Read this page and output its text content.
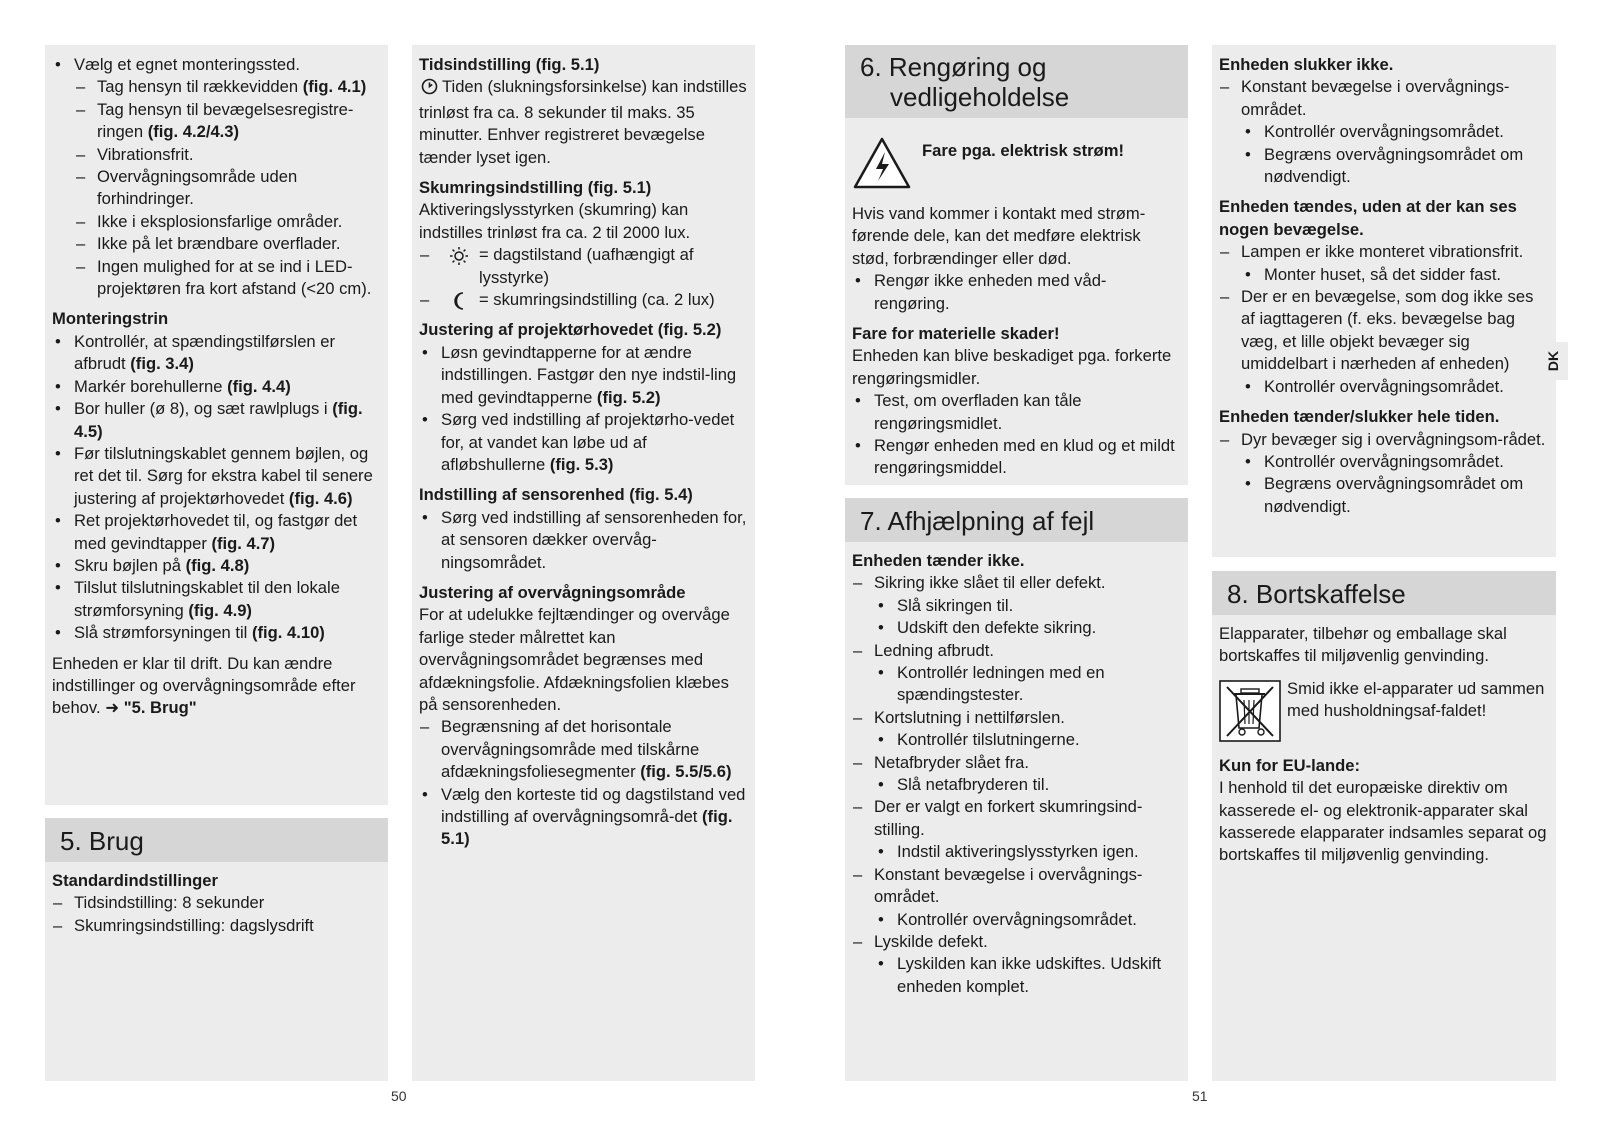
• Vælg et egnet monteringssted.
– Tag hensyn til rækkevidden (fig. 4.1)
– Tag hensyn til bevægelsesregistre-ringen (fig. 4.2/4.3)
– Vibrationsfrit.
– Overvågningsområde uden forhindringer.
– Ikke i eksplosionsfarlige områder.
– Ikke på let brændbare overflader.
– Ingen mulighed for at se ind i LED-projektøren fra kort afstand (<20 cm).

Monteringstrin

• Kontrollér, at spændingstilførslen er afbrudt (fig. 3.4)
• Markér borehullerne (fig. 4.4)
• Bor huller (ø 8), og sæt rawlplugs i (fig. 4.5)
• Før tilslutningskablet gennem bøjlen, og ret det til. Sørg for ekstra kabel til senere justering af projektørhovedet (fig. 4.6)
• Ret projektørhovedet til, og fastgør det med gevindtapper (fig. 4.7)
• Skru bøjlen på (fig. 4.8)
• Tilslut tilslutningskablet til den lokale strømforsyning (fig. 4.9)
• Slå strømforsyningen til (fig. 4.10)

Enheden er klar til drift. Du kan ændre indstillinger og overvågningsområde efter behov. ➜ "5. Brug"

5. Brug

Standardindstillinger

– Tidsindstilling: 8 sekunder
– Skumringsindstilling: dagslysdrift

Tidsindstilling (fig. 5.1)

Tiden (slukningsforsinkelse) kan indstilles trinløst fra ca. 8 sekunder til maks. 35 minutter. Enhver registreret bevægelse tænder lyset igen.

Skumringsindstilling (fig. 5.1)

Aktiveringslysstyrken (skumring) kan indstilles trinløst fra ca. 2 til 2000 lux.

– = dagstilstand (uafhængigt af lysstyrke)
– = skumringsindstilling (ca. 2 lux)

Justering af projektørhovedet (fig. 5.2)

• Løsn gevindtapperne for at ændre indstillingen. Fastgør den nye indstil-ling med gevindtapperne (fig. 5.2)
• Sørg ved indstilling af projektørho-vedet for, at vandet kan løbe ud af afløbshullerne (fig. 5.3)

Indstilling af sensorenhed (fig. 5.4)

• Sørg ved indstilling af sensorenheden for, at sensoren dækker overvåg-ningsområdet.

Justering af overvågningsområde

For at udelukke fejltændinger og overvåge farlige steder målrettet kan overvågningsområdet begrænses med afdækningsfolie. Afdækningsfolien klæbes på sensorenheden.

– Begrænsning af det horisontale overvågningsområde med tilskårne afdækningsfoliesegmenter (fig. 5.5/5.6)
• Vælg den korteste tid og dagstilstand ved indstilling af overvågningsområ-det (fig. 5.1)
6. Rengøring og
vedligeholdelse
Fare pga. elektrisk strøm!

Hvis vand kommer i kontakt med strøm-førende dele, kan det medføre elektrisk stød, forbrændinger eller død.

• Rengør ikke enheden med våd-rengøring.

Fare for materielle skader!

Enheden kan blive beskadiget pga. forkerte rengøringsmidler.

• Test, om overfladen kan tåle rengøringsmidlet.
• Rengør enheden med en klud og et mildt rengøringsmiddel.
7. Afhjælpning af fejl

Enheden tænder ikke.

– Sikring ikke slået til eller defekt.
• Slå sikringen til.
• Udskift den defekte sikring.
– Ledning afbrudt.
• Kontrollér ledningen med en spændingstester.
– Kortslutning i nettilførslen.
• Kontrollér tilslutningerne.
– Netafbryder slået fra.
• Slå netafbryderen til.
– Der er valgt en forkert skumringsind-stilling.
• Indstil aktiveringslysstyrken igen.
– Konstant bevægelse i overvågnings-området.
• Kontrollér overvågningsområdet.
– Lyskilde defekt.
• Lyskilden kan ikke udskiftes. Udskift enheden komplet.

Enheden slukker ikke.

– Konstant bevægelse i overvågnings-området.
• Kontrollér overvågningsområdet.
• Begræns overvågningsområdet om nødvendigt.

Enheden tændes, uden at der kan ses nogen bevægelse.

– Lampen er ikke monteret vibrationsfrit.
• Monter huset, så det sidder fast.
– Der er en bevægelse, som dog ikke ses af iagttageren (f. eks. bevægelse bag væg, et lille objekt bevæger sig umiddelbart i nærheden af enheden)
• Kontrollér overvågningsområdet.

Enheden tænder/slukker hele tiden.

– Dyr bevæger sig i overvågningsom-rådet.
• Kontrollér overvågningsområdet.
• Begræns overvågningsområdet om nødvendigt.
8. Bortskaffelse

Elapparater, tilbehør og emballage skal bortskaffes til miljøvenlig genvinding.

Smid ikke el-apparater ud sammen med husholdningsaf-faldet!

Kun for EU-lande:

I henhold til det europæiske direktiv om kasserede el- og elektronik-apparater skal kasserede elapparater indsamles separat og bortskaffes til miljøvenlig genvinding.

DK
50	51
